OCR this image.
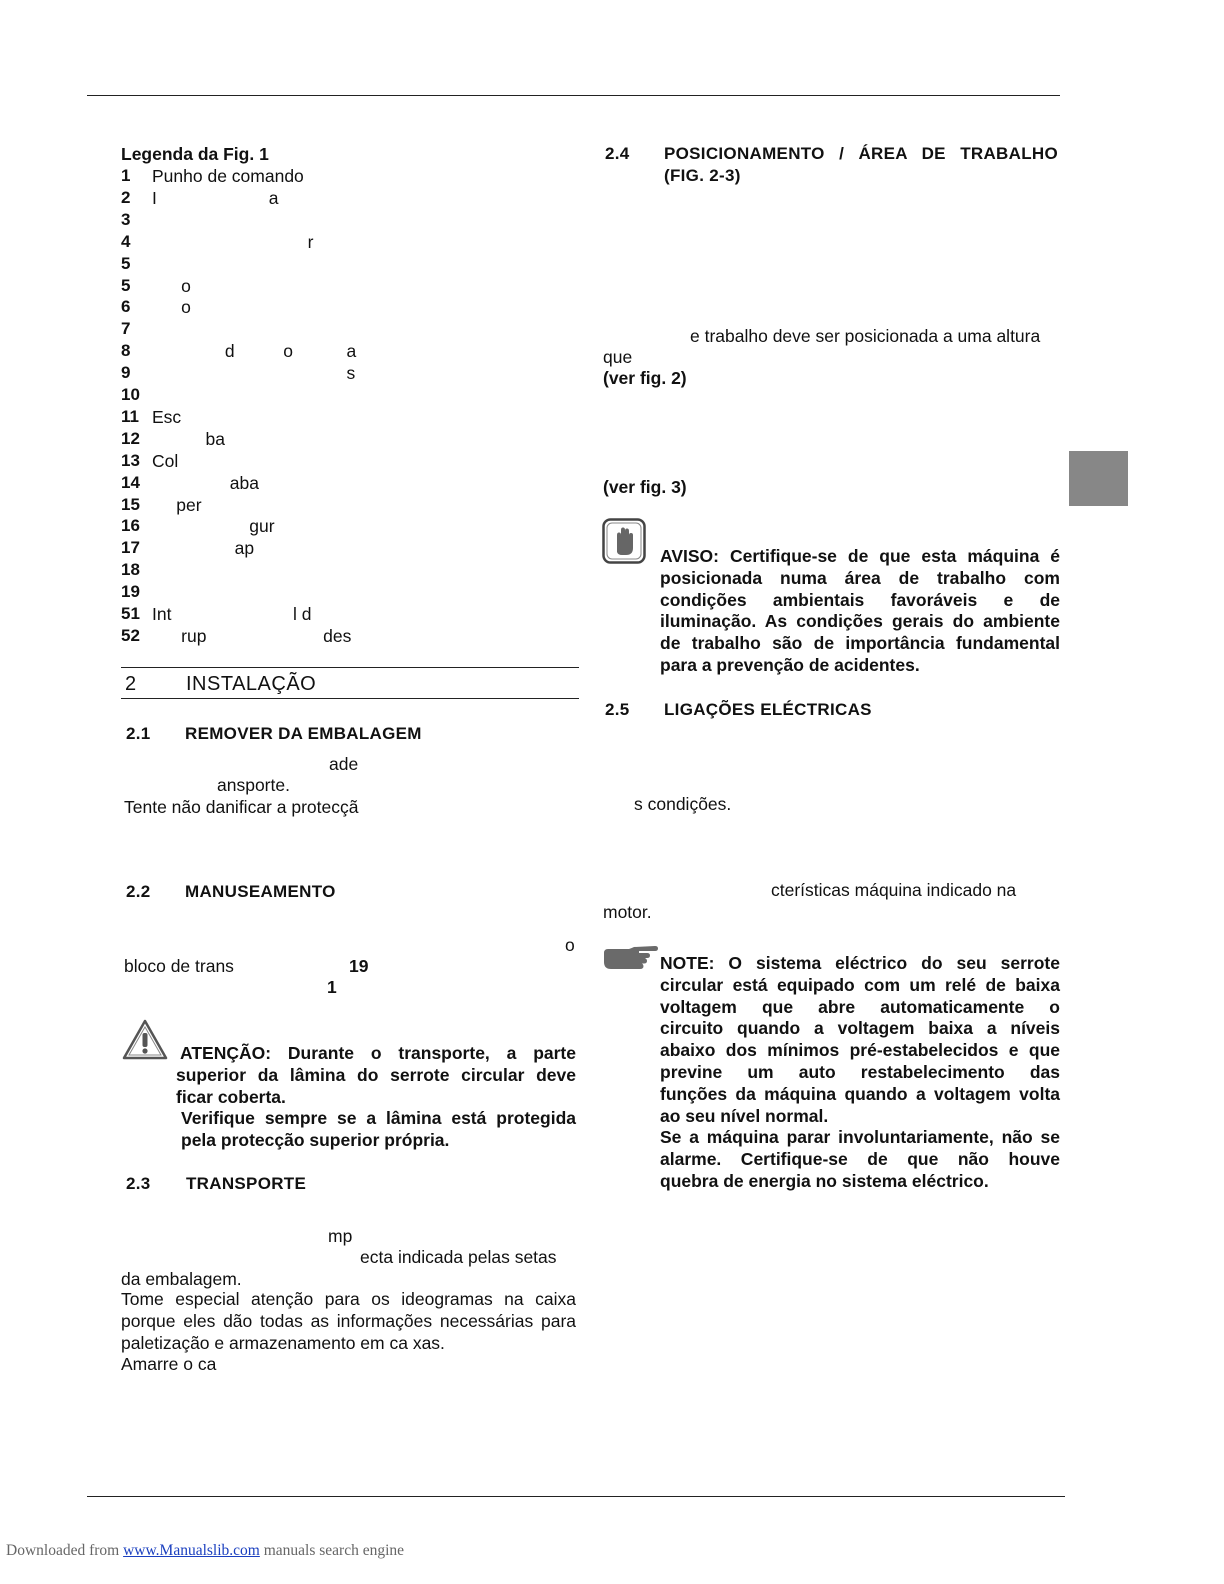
Legenda da Fig. 1
1 Punho de comando
2 I                       a
3
4 r
5
5 o
6 o
7
8 d          o           a
9 s
10
11 Esc
12 ba
13 Col
14 aba
15 per
16 gur
17 ap
18
19
51 Int                         l d
52 rup                        des
2 INSTALAÇÃO
2.1 REMOVER DA EMBALAGEM
ade
ansporte.
Tente não danificar a protecçã
2.2 MANUSEAMENTO
o
bloco de trans	19
1
ATENÇÃO: Durante o transporte, a parte
superior da lâmina do serrote circular deve
ficar coberta.
Verifique sempre se a lâmina está protegida
pela protecção superior própria.
2.3 TRANSPORTE
mp
ecta indicada pelas setas
da embalagem.
Tome especial atenção para os ideogramas na caixa
porque eles dão todas as informações necessárias para
paletização e armazenamento em ca xas.
Amarre o ca
2.4 POSICIONAMENTO / ÁREA DE TRABALHO
(FIG. 2-3)
e trabalho deve ser posicionada a uma altura
que
(ver fig. 2)
(ver fig. 3)
AVISO: Certifique-se de que esta máquina é
posicionada numa área de trabalho com
condições ambientais favoráveis e de
iluminação. As condições gerais do ambiente
de trabalho são de importância fundamental
para a prevenção de acidentes.
2.5 LIGAÇÕES ELÉCTRICAS
s condições.
cterísticas máquina indicado na
motor.
NOTE: O sistema eléctrico do seu serrote
circular está equipado com um relé de baixa
voltagem que abre automaticamente o
circuito quando a voltagem baixa a níveis
abaixo dos mínimos pré-estabelecidos e que
previne um auto restabelecimento das
funções da máquina quando a voltagem volta
ao seu nível normal.
Se a máquina parar involuntariamente, não se
alarme. Certifique-se de que não houve
quebra de energia no sistema eléctrico.
Downloaded from www.Manualslib.com manuals search engine
